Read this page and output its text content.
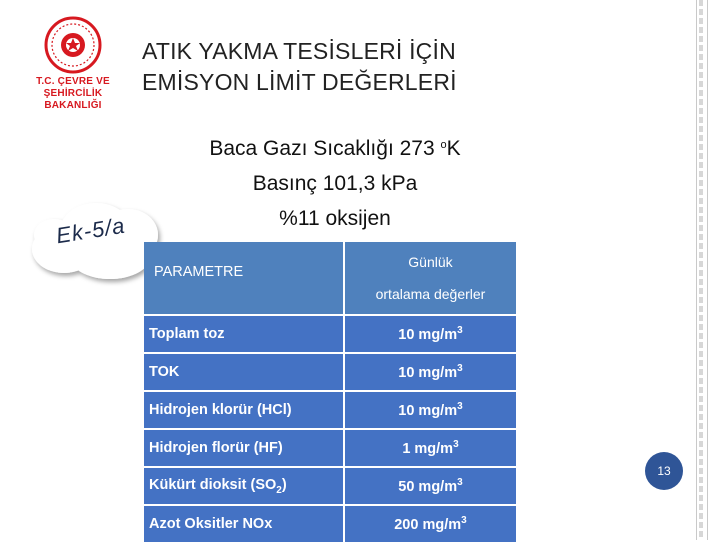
T.C. ÇEVRE VE
ŞEHİRCİLİK BAKANLIĞI
ATIK YAKMA TESİSLERİ İÇİN
EMİSYON LİMİT DEĞERLERİ
Baca Gazı Sıcaklığı 273 $^o$K
Basınç 101,3 kPa
%11 oksijen
Ek-5/a
PARAMETRE	Günlük
ortalama değerler

Toplam toz	10 $mg/m^3$
TOK	10 $mg/m^3$
Hidrojen klorür (HCl)	10 $mg/m^3$
Hidrojen florür (HF)	1 $mg/m^3$
Kükürt dioksit $(SO_2)$	50 $mg/m^3$
Azot Oksitler NOx	200 $mg/m^3$
13
